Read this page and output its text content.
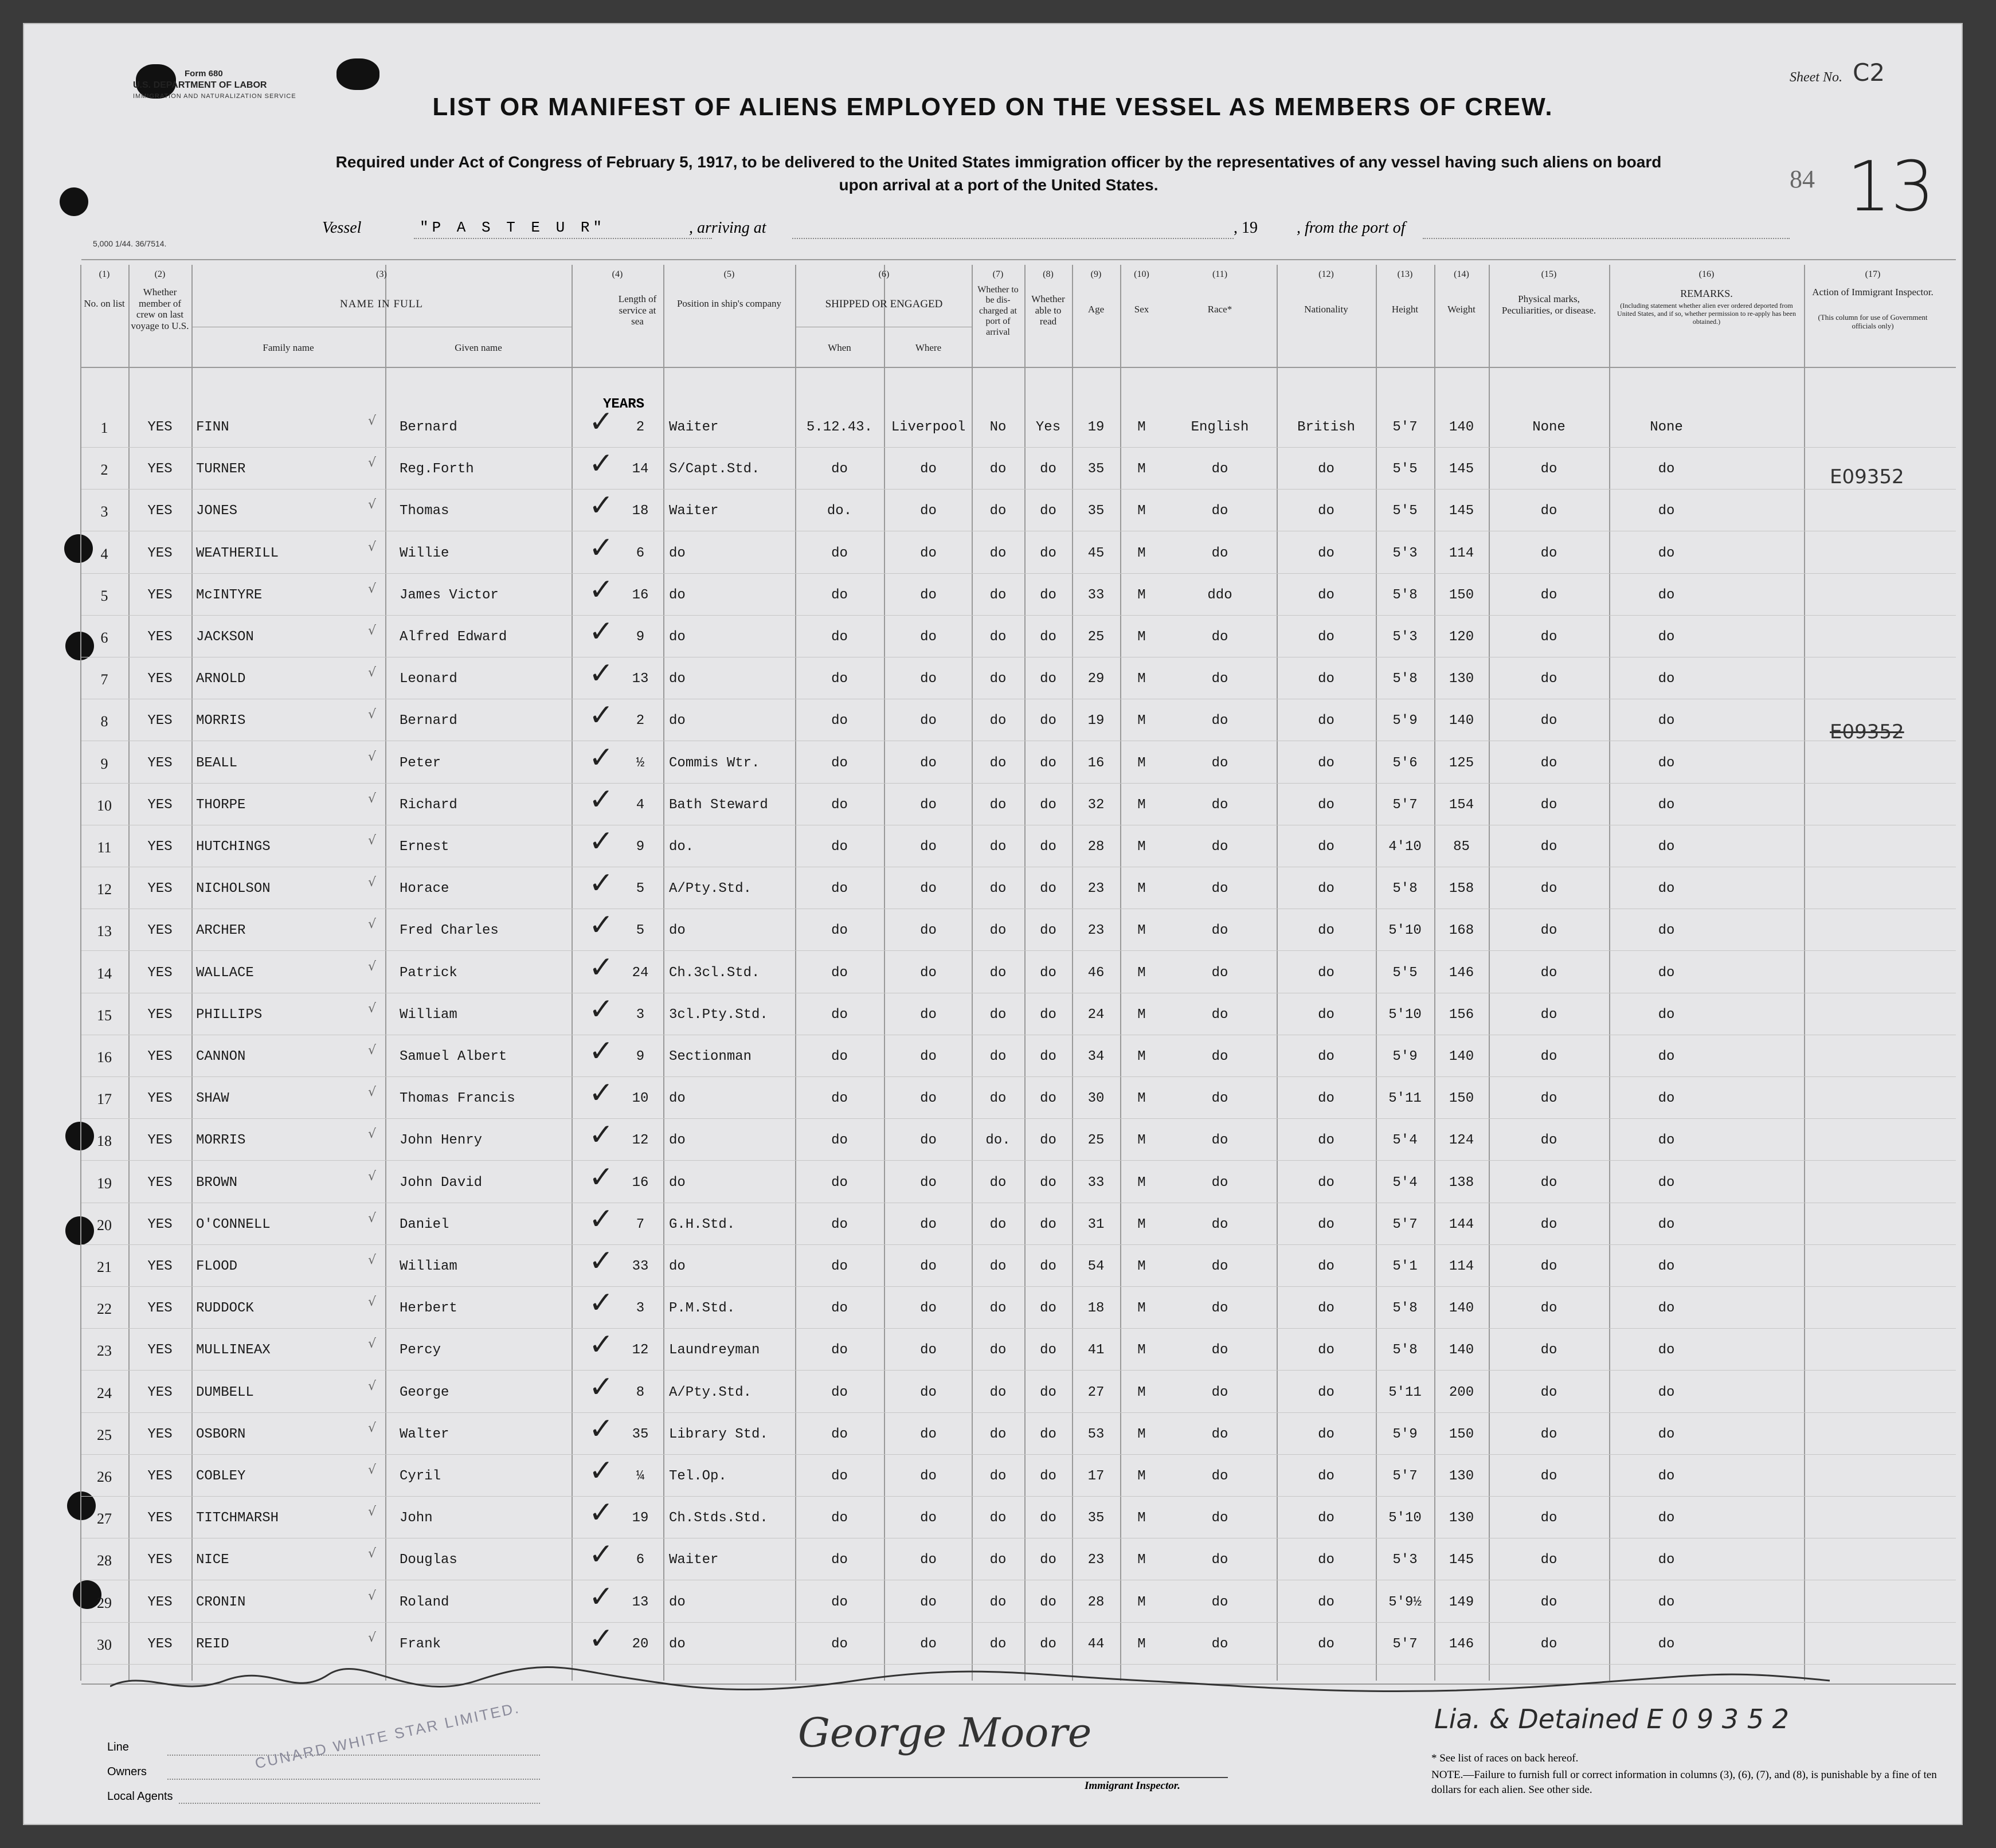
Form 680
U.S. DEPARTMENT OF LABOR
IMMIGRATION AND NATURALIZATION SERVICE
5,000 1/44. 36/7514.
Sheet No. C2
84 13
LIST OR MANIFEST OF ALIENS EMPLOYED ON THE VESSEL AS MEMBERS OF CREW.
Required under Act of Congress of February 5, 1917, to be delivered to the United States immigration officer by the representatives of any vessel having such aliens on board
upon arrival at a port of the United States.
Vessel	"P A S T E U R"	, arriving at	, 19 , from the port of
(1)	(2)	(3)	(4)	(5)	(6)	(7)	(8)	(9)	(10)	(11)	(12)	(13)	(14)	(15)	(16)	(17)
No. on list
Whether member of crew on last voyage to U.S.
NAME IN FULL
Family name	Given name
Length of service at sea
Position in ship's company	SHIPPED OR ENGAGED
When	Where
Whether to be dis-charged at port of arrival
Whether able to read
Age	Sex	Race*	Nationality	Height	Weight
Physical marks, Peculiarities, or disease.
REMARKS.
(Including statement whether alien ever ordered deported from United States, and if so, whether permission to re-apply has been obtained.)
Action of Immigrant Inspector.
(This column for use of Government officials only)
YEARS
1	YES	FINN	Bernard	2	Waiter	5.12.43.	Liverpool	No	Yes	19	M	English	British	5'7	140	None	None
✓
√
2	YES	TURNER	Reg.Forth	14	S/Capt.Std.	do	do	do	do	35	M	do	do	5'5	145	do	do
✓
√
3	YES	JONES	Thomas	18	Waiter	do.	do	do	do	35	M	do	do	5'5	145	do	do
✓
√
4	YES	WEATHERILL	Willie	6	do	do	do	do	do	45	M	do	do	5'3	114	do	do
✓
√
5	YES	McINTYRE	James Victor	16	do	do	do	do	do	33	M	ddo	do	5'8	150	do	do
✓
√
6	YES	JACKSON	Alfred Edward	9	do	do	do	do	do	25	M	do	do	5'3	120	do	do
✓
√
7	YES	ARNOLD	Leonard	13	do	do	do	do	do	29	M	do	do	5'8	130	do	do
✓
√
8	YES	MORRIS	Bernard	2	do	do	do	do	do	19	M	do	do	5'9	140	do	do
✓
√
9	YES	BEALL	Peter	½	Commis Wtr.	do	do	do	do	16	M	do	do	5'6	125	do	do
✓
√
10	YES	THORPE	Richard	4	Bath Steward	do	do	do	do	32	M	do	do	5'7	154	do	do
✓
√
11	YES	HUTCHINGS	Ernest	9	do.	do	do	do	do	28	M	do	do	4'10	85	do	do
✓
√
12	YES	NICHOLSON	Horace	5	A/Pty.Std.	do	do	do	do	23	M	do	do	5'8	158	do	do
✓
√
13	YES	ARCHER	Fred Charles	5	do	do	do	do	do	23	M	do	do	5'10	168	do	do
✓
√
14	YES	WALLACE	Patrick	24	Ch.3cl.Std.	do	do	do	do	46	M	do	do	5'5	146	do	do
✓
√
15	YES	PHILLIPS	William	3	3cl.Pty.Std.	do	do	do	do	24	M	do	do	5'10	156	do	do
✓
√
16	YES	CANNON	Samuel Albert	9	Sectionman	do	do	do	do	34	M	do	do	5'9	140	do	do
✓
√
17	YES	SHAW	Thomas Francis	10	do	do	do	do	do	30	M	do	do	5'11	150	do	do
✓
√
18	YES	MORRIS	John Henry	12	do	do	do	do.	do	25	M	do	do	5'4	124	do	do
✓
√
19	YES	BROWN	John David	16	do	do	do	do	do	33	M	do	do	5'4	138	do	do
✓
√
20	YES	O'CONNELL	Daniel	7	G.H.Std.	do	do	do	do	31	M	do	do	5'7	144	do	do
✓
√
21	YES	FLOOD	William	33	do	do	do	do	do	54	M	do	do	5'1	114	do	do
✓
√
22	YES	RUDDOCK	Herbert	3	P.M.Std.	do	do	do	do	18	M	do	do	5'8	140	do	do
✓
√
23	YES	MULLINEAX	Percy	12	Laundreyman	do	do	do	do	41	M	do	do	5'8	140	do	do
✓
√
24	YES	DUMBELL	George	8	A/Pty.Std.	do	do	do	do	27	M	do	do	5'11	200	do	do
✓
√
25	YES	OSBORN	Walter	35	Library Std.	do	do	do	do	53	M	do	do	5'9	150	do	do
✓
√
26	YES	COBLEY	Cyril	¼	Tel.Op.	do	do	do	do	17	M	do	do	5'7	130	do	do
✓
√
27	YES	TITCHMARSH	John	19	Ch.Stds.Std.	do	do	do	do	35	M	do	do	5'10	130	do	do
✓
√
28	YES	NICE	Douglas	6	Waiter	do	do	do	do	23	M	do	do	5'3	145	do	do
✓
√
29	YES	CRONIN	Roland	13	do	do	do	do	do	28	M	do	do	5'9½	149	do	do
✓
√
30	YES	REID	Frank	20	do	do	do	do	do	44	M	do	do	5'7	146	do	do
✓
√
E09352
E09352
Line
Owners
Local Agents
CUNARD WHITE STAR LIMITED.	George Moore
Immigrant Inspector.
Lia. & Detained E 0 9 3 5 2
* See list of races on back hereof.
NOTE.—Failure to furnish full or correct information in columns (3), (6), (7), and (8), is punishable by a fine of ten dollars for each alien. See other side.
